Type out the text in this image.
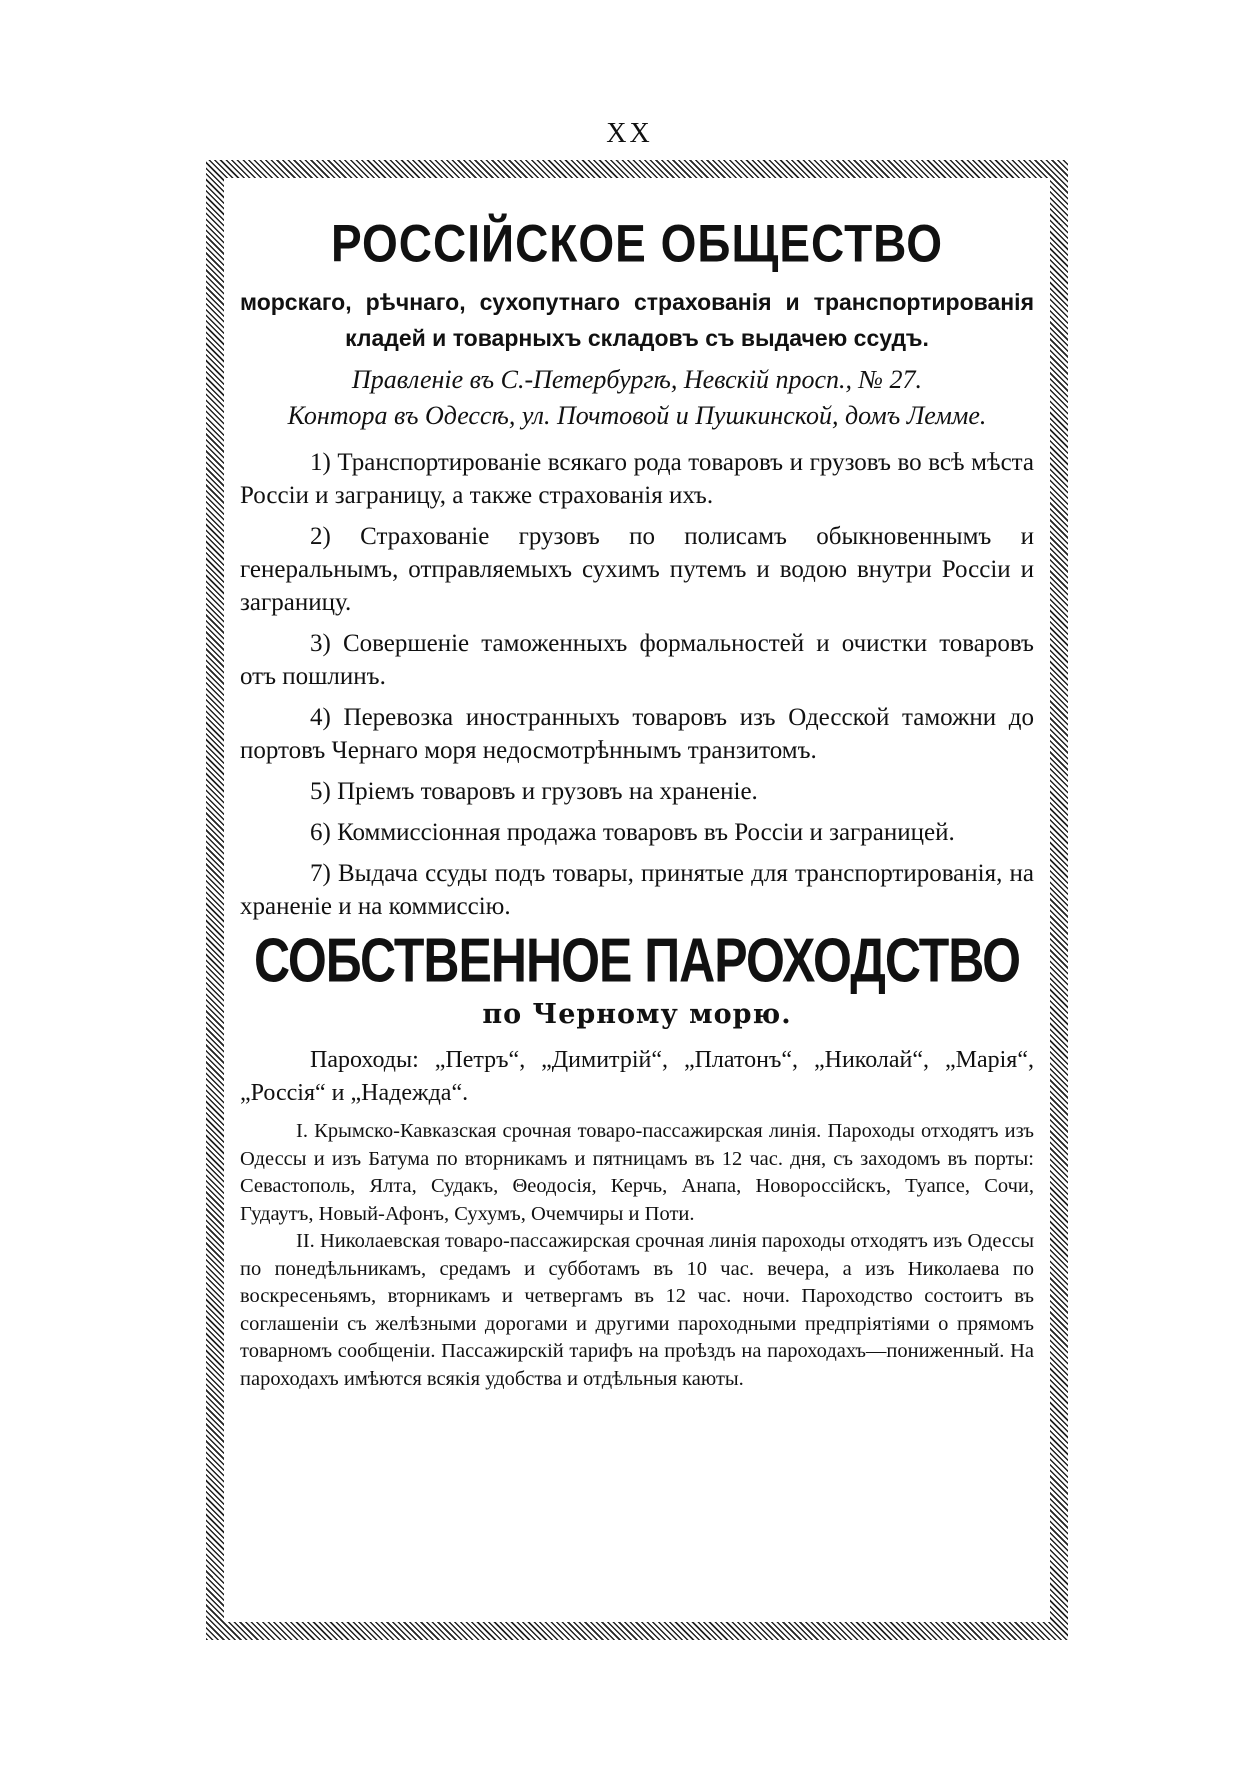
XX

РОССІЙСКОЕ ОБЩЕСТВО

морскаго, рѣчнаго, сухопутнаго страхованія и транспортированія кладей и товарныхъ складовъ съ выдачею ссудъ.

Правленіе въ С.-Петербургѣ, Невскій просп., № 27.

Контора въ Одессѣ, ул. Почтовой и Пушкинской, домъ Лемме.

1) Транспортированіе всякаго рода товаровъ и грузовъ во всѣ мѣста Россіи и заграницу, а также страхованія ихъ.

2) Страхованіе грузовъ по полисамъ обыкновеннымъ и генеральнымъ, отправляемыхъ сухимъ путемъ и водою внутри Россіи и заграницу.

3) Совершеніе таможенныхъ формальностей и очистки товаровъ отъ пошлинъ.

4) Перевозка иностранныхъ товаровъ изъ Одесской таможни до портовъ Чернаго моря недосмотрѣннымъ транзитомъ.

5) Пріемъ товаровъ и грузовъ на храненіе.

6) Коммиссіонная продажа товаровъ въ Россіи и заграницей.

7) Выдача ссуды подъ товары, принятые для транспортированія, на храненіе и на коммиссію.

СОБСТВЕННОЕ ПАРОХОДСТВО

по Черному морю.

Пароходы: „Петръ“, „Димитрій“, „Платонъ“, „Николай“, „Марія“, „Россія“ и „Надежда“.

I. Крымско-Кавказская срочная товаро-пассажирская линія. Пароходы отходятъ изъ Одессы и изъ Батума по вторникамъ и пятницамъ въ 12 час. дня, съ заходомъ въ порты: Севастополь, Ялта, Судакъ, Θеодосія, Керчь, Анапа, Новороссійскъ, Туапсе, Сочи, Гудаутъ, Новый-Афонъ, Сухумъ, Очемчиры и Поти.

II. Николаевская товаро-пассажирская срочная линія пароходы отходятъ изъ Одессы по понедѣльникамъ, средамъ и субботамъ въ 10 час. вечера, а изъ Николаева по воскресеньямъ, вторникамъ и четвергамъ въ 12 час. ночи. Пароходство состоитъ въ соглашеніи съ желѣзными дорогами и другими пароходными предпріятіями о прямомъ товарномъ сообщеніи. Пассажирскій тарифъ на проѣздъ на пароходахъ—пониженный. На пароходахъ имѣются всякія удобства и отдѣльныя каюты.
